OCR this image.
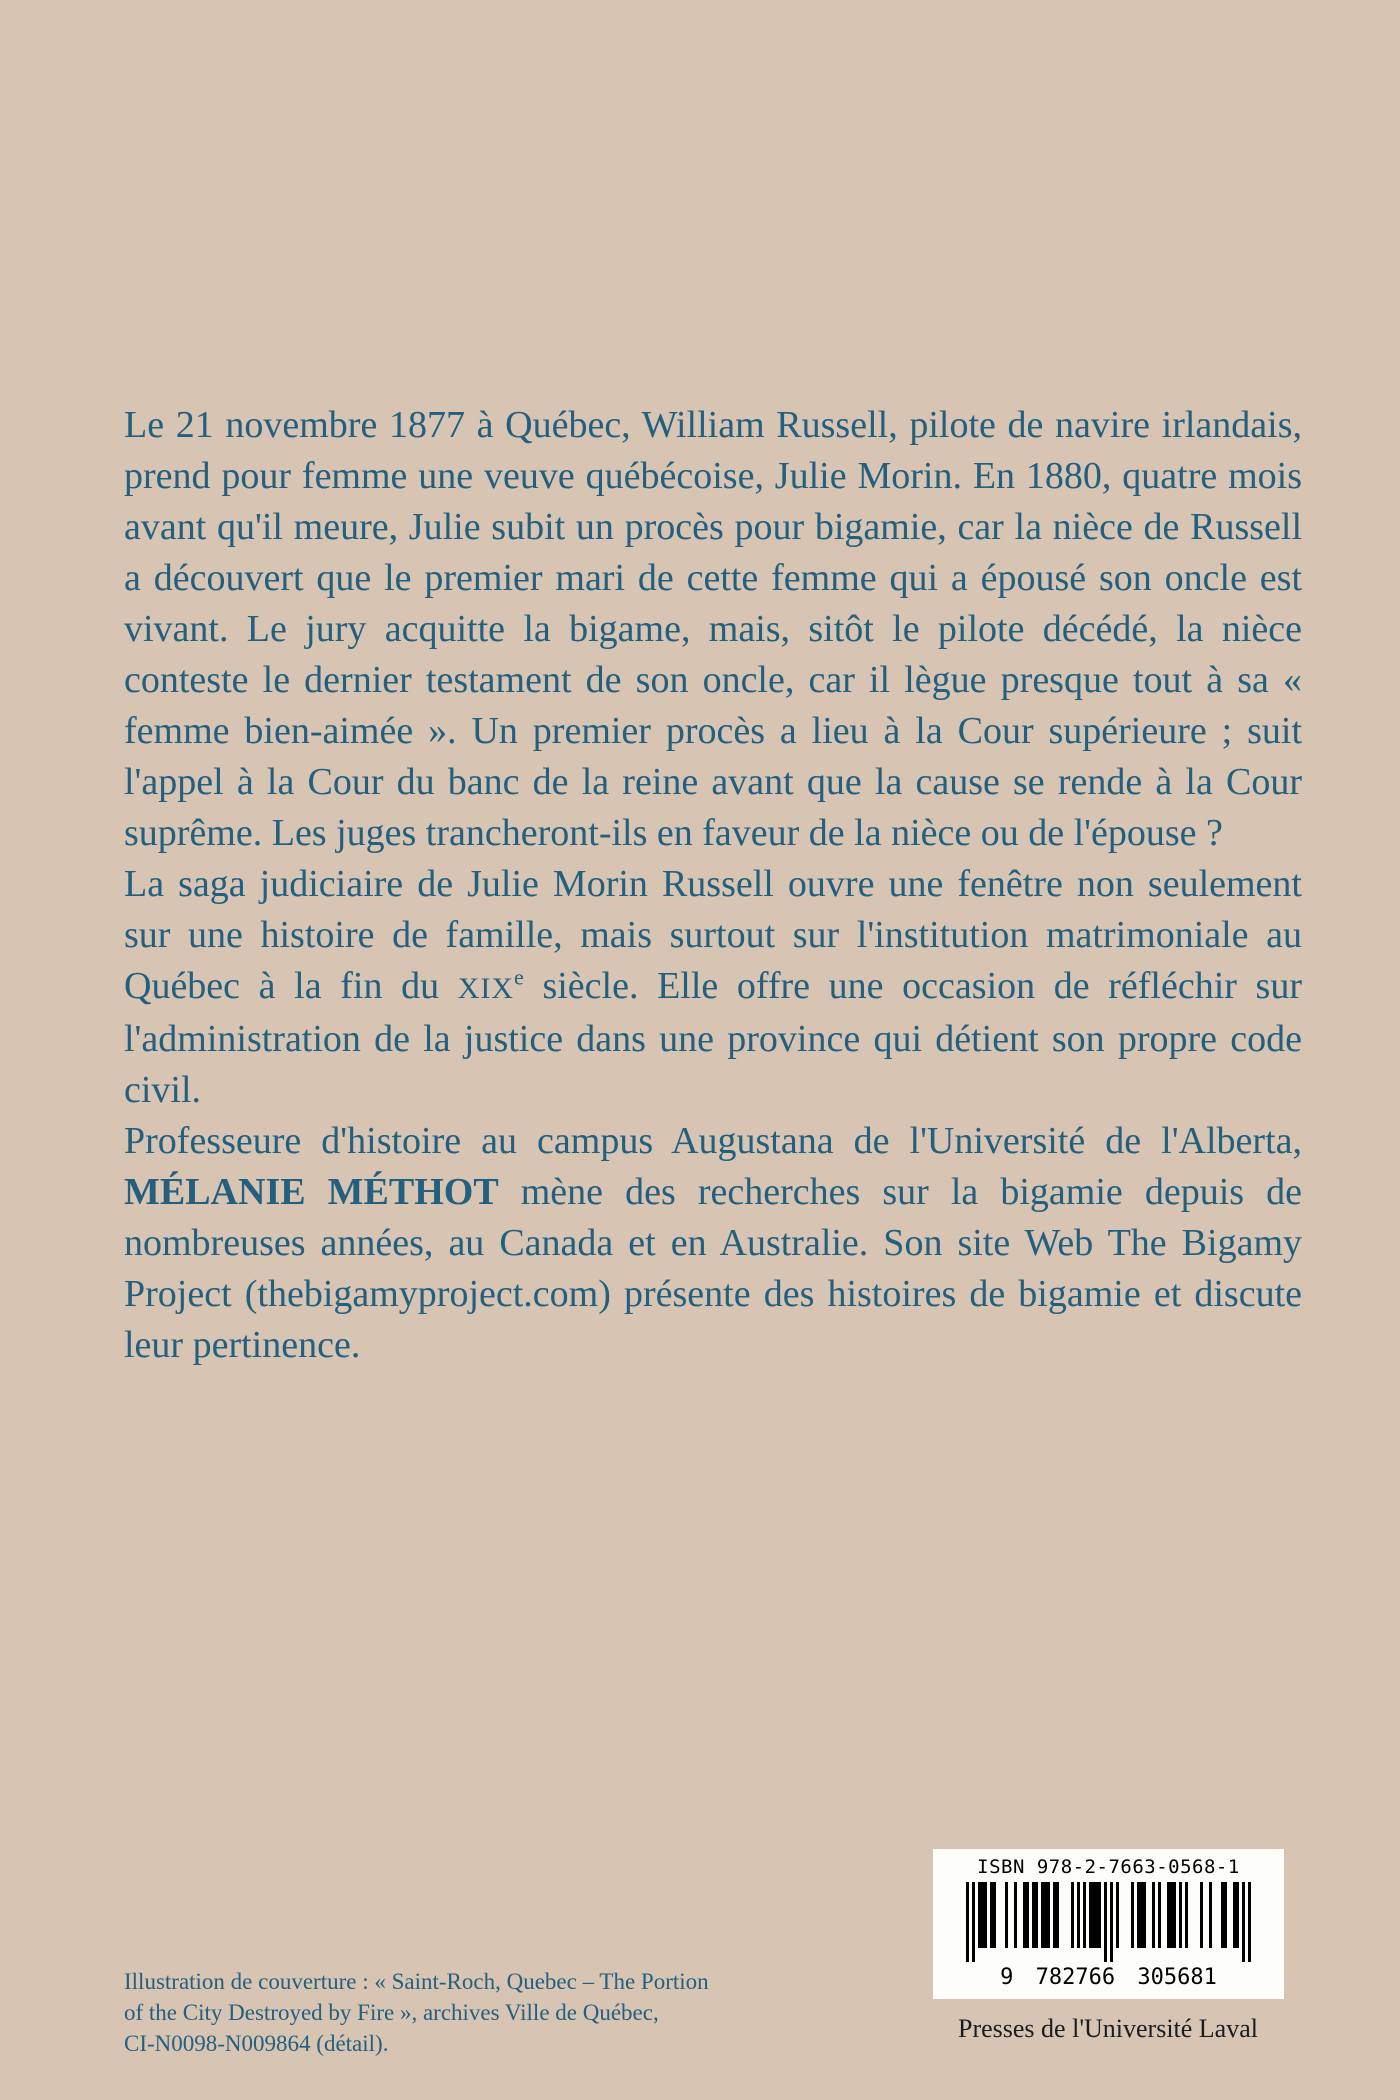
Le 21 novembre 1877 à Québec, William Russell, pilote de navire irlandais, prend pour femme une veuve québécoise, Julie Morin. En 1880, quatre mois avant qu'il meure, Julie subit un procès pour bigamie, car la nièce de Russell a découvert que le premier mari de cette femme qui a épousé son oncle est vivant. Le jury acquitte la bigame, mais, sitôt le pilote décédé, la nièce conteste le dernier testament de son oncle, car il lègue presque tout à sa « femme bien-aimée ». Un premier procès a lieu à la Cour supérieure ; suit l'appel à la Cour du banc de la reine avant que la cause se rende à la Cour suprême. Les juges trancheront-ils en faveur de la nièce ou de l'épouse ?

La saga judiciaire de Julie Morin Russell ouvre une fenêtre non seulement sur une histoire de famille, mais surtout sur l'institution matrimoniale au Québec à la fin du XIXe siècle. Elle offre une occasion de réfléchir sur l'administration de la justice dans une province qui détient son propre code civil.

Professeure d'histoire au campus Augustana de l'Université de l'Alberta, MÉLANIE MÉTHOT mène des recherches sur la bigamie depuis de nombreuses années, au Canada et en Australie. Son site Web The Bigamy Project (thebigamyproject.com) présente des histoires de bigamie et discute leur pertinence.

Illustration de couverture : « Saint-Roch, Quebec – The Portion
of the City Destroyed by Fire », archives Ville de Québec,
CI-N0098-N009864 (détail).
ISBN 978-2-7663-0568-1
9 782766 305681
Presses de l'Université Laval
